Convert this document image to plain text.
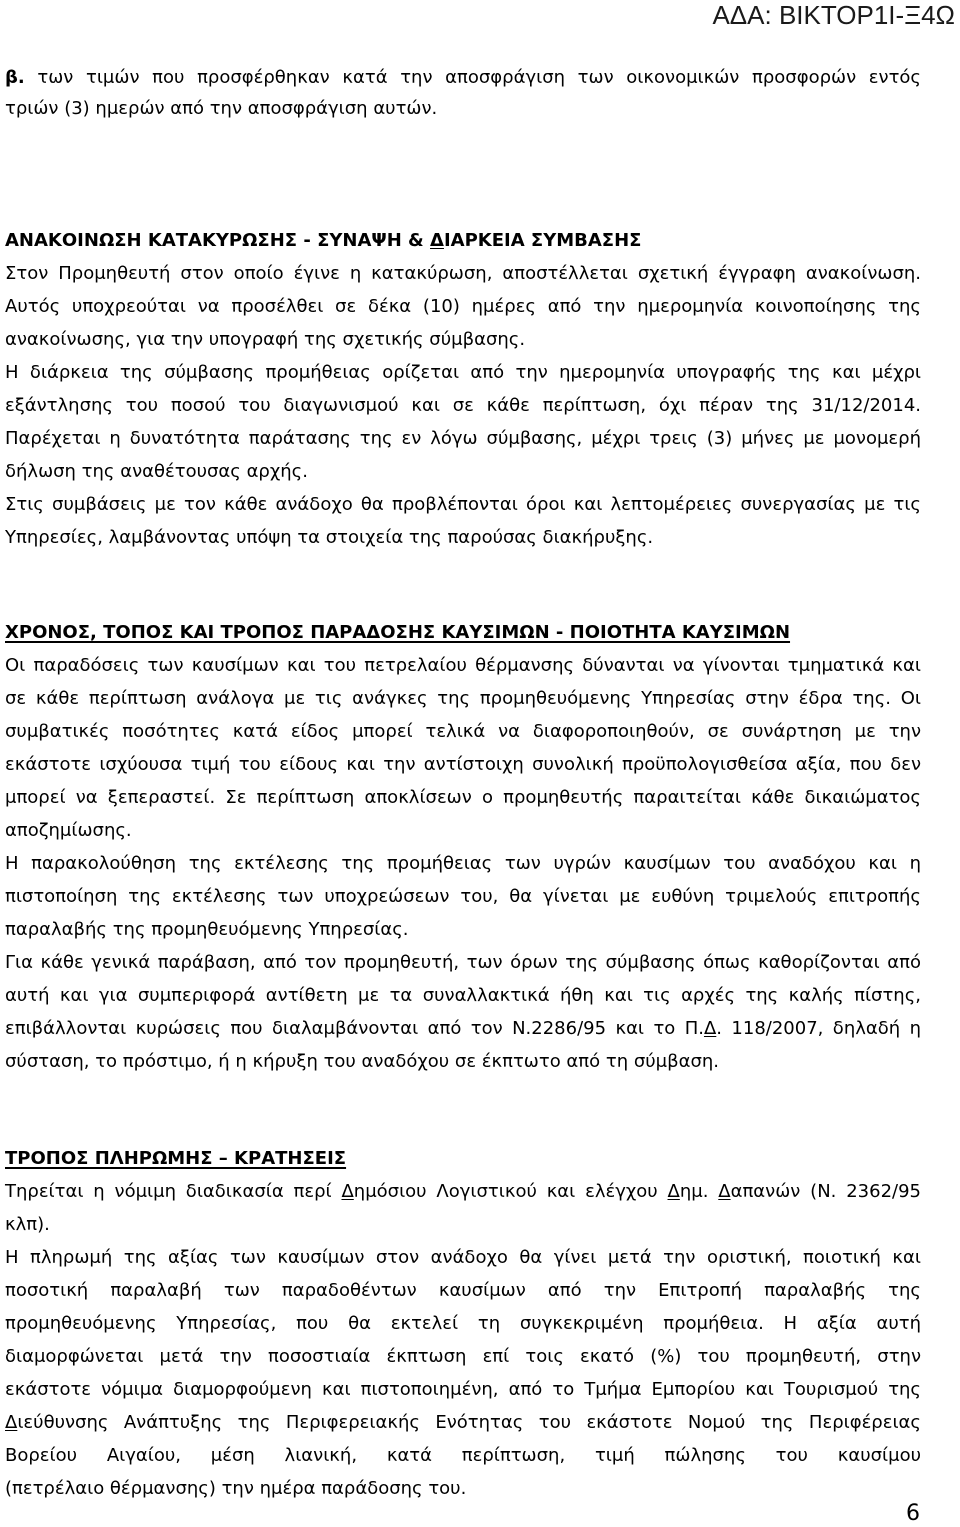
ΑΔΑ: ΒΙΚΤΟΡ1Ι-Ξ4Ω
β. των τιμών που προσφέρθηκαν κατά την αποσφράγιση των οικονομικών προσφορών εντός
τριών (3) ημερών από την αποσφράγιση αυτών.
ΑΝΑΚΟΙΝΩΣΗ ΚΑΤΑΚΥΡΩΣΗΣ - ΣΥΝΑΨΗ & ΔΙΑΡΚΕΙΑ ΣΥΜΒΑΣΗΣ
Στον Προμηθευτή στον οποίο έγινε η κατακύρωση, αποστέλλεται σχετική έγγραφη ανακοίνωση.
Αυτός υποχρεούται να προσέλθει σε δέκα (10) ημέρες από την ημερομηνία κοινοποίησης της
ανακοίνωσης, για την υπογραφή της σχετικής σύμβασης.
Η διάρκεια της σύμβασης προμήθειας ορίζεται από την ημερομηνία υπογραφής της και μέχρι
εξάντλησης του ποσού του διαγωνισμού και σε κάθε περίπτωση, όχι πέραν της 31/12/2014.
Παρέχεται η δυνατότητα παράτασης της εν λόγω σύμβασης, μέχρι τρεις (3) μήνες με μονομερή
δήλωση της αναθέτουσας αρχής.
Στις συμβάσεις με τον κάθε ανάδοχο θα προβλέπονται όροι και λεπτομέρειες συνεργασίας με τις
Υπηρεσίες, λαμβάνοντας υπόψη τα στοιχεία της παρούσας διακήρυξης.
ΧΡΟΝΟΣ, ΤΟΠΟΣ ΚΑΙ ΤΡΟΠΟΣ ΠΑΡΑΔΟΣΗΣ ΚΑΥΣΙΜΩΝ - ΠΟΙΟΤΗΤΑ ΚΑΥΣΙΜΩΝ
Οι παραδόσεις των καυσίμων και του πετρελαίου θέρμανσης δύνανται να γίνονται τμηματικά και
σε κάθε περίπτωση ανάλογα με τις ανάγκες της προμηθευόμενης Υπηρεσίας στην έδρα της. Οι
συμβατικές ποσότητες κατά είδος μπορεί τελικά να διαφοροποιηθούν, σε συνάρτηση με την
εκάστοτε ισχύουσα τιμή του είδους και την αντίστοιχη συνολική προϋπολογισθείσα αξία, που δεν
μπορεί να ξεπεραστεί. Σε περίπτωση αποκλίσεων ο προμηθευτής παραιτείται κάθε δικαιώματος
αποζημίωσης.
Η παρακολούθηση της εκτέλεσης της προμήθειας των υγρών καυσίμων του αναδόχου και η
πιστοποίηση της εκτέλεσης των υποχρεώσεων του, θα γίνεται με ευθύνη τριμελούς επιτροπής
παραλαβής της προμηθευόμενης Υπηρεσίας.
Για κάθε γενικά παράβαση, από τον προμηθευτή, των όρων της σύμβασης όπως καθορίζονται από
αυτή και για συμπεριφορά αντίθετη με τα συναλλακτικά ήθη και τις αρχές της καλής πίστης,
επιβάλλονται κυρώσεις που διαλαμβάνονται από τον Ν.2286/95 και το Π.Δ. 118/2007, δηλαδή η
σύσταση, το πρόστιμο, ή η κήρυξη του αναδόχου σε έκπτωτο από τη σύμβαση.
ΤΡΟΠΟΣ ΠΛΗΡΩΜΗΣ – ΚΡΑΤΗΣΕΙΣ
Τηρείται η νόμιμη διαδικασία περί Δημόσιου Λογιστικού και ελέγχου Δημ. Δαπανών (Ν. 2362/95
κλπ).
Η πληρωμή της αξίας των καυσίμων στον ανάδοχο θα γίνει μετά την οριστική, ποιοτική και
ποσοτική παραλαβή των παραδοθέντων καυσίμων από την Επιτροπή παραλαβής της
προμηθευόμενης Υπηρεσίας, που θα εκτελεί τη συγκεκριμένη προμήθεια. Η αξία αυτή
διαμορφώνεται μετά την ποσοστιαία έκπτωση επί τοις εκατό (%) του προμηθευτή, στην
εκάστοτε νόμιμα διαμορφούμενη και πιστοποιημένη, από το Τμήμα Εμπορίου και Τουρισμού της
Διεύθυνσης Ανάπτυξης της Περιφερειακής Ενότητας του εκάστοτε Νομού της Περιφέρειας
Βορείου Αιγαίου, μέση λιανική, κατά περίπτωση, τιμή πώλησης του καυσίμου
(πετρέλαιο θέρμανσης) την ημέρα παράδοσης του.
6
